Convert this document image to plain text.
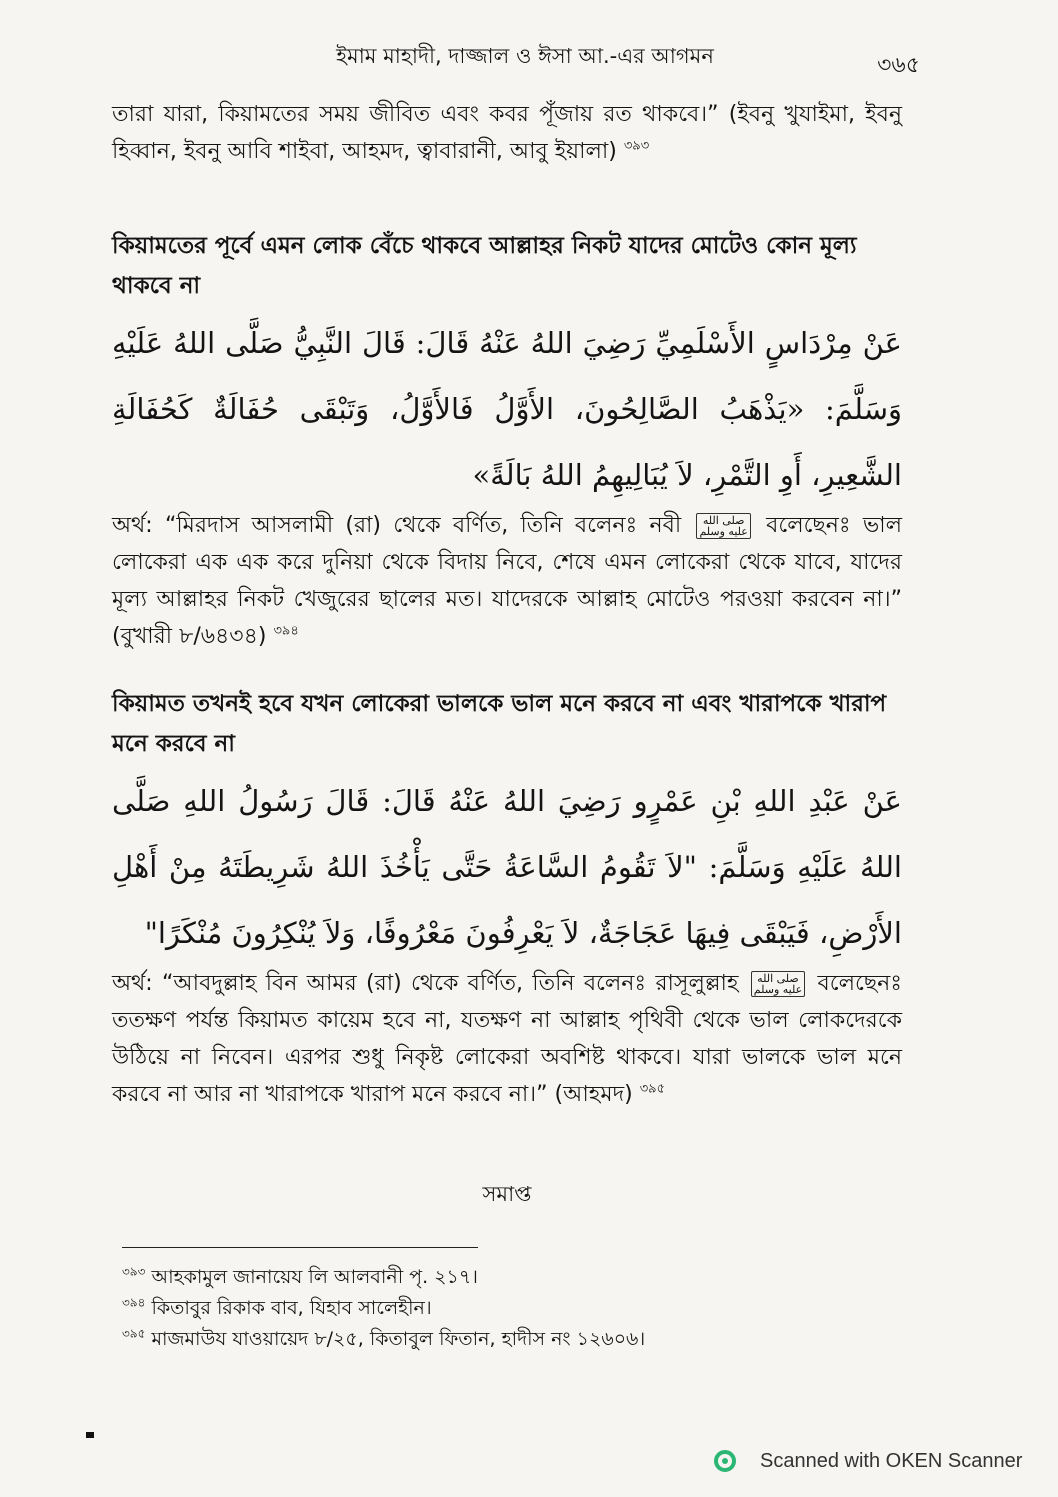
ইমাম মাহাদী, দাজ্জাল ও ঈসা আ.-এর আগমন	৩৬৫

তারা যারা, কিয়ামতের সময় জীবিত এবং কবর পূঁজায় রত থাকবে।” (ইবনু খুযাইমা, ইবনু হিব্বান, ইবনু আবি শাইবা, আহমদ, ত্বাবারানী, আবু ইয়ালা) $^{৩৯৩}$

কিয়ামতের পূর্বে এমন লোক বেঁচে থাকবে আল্লাহর নিকট যাদের মোটেও কোন মূল্য থাকবে না

عَنْ مِرْدَاسٍ الأَسْلَمِيِّ رَضِيَ اللهُ عَنْهُ قَالَ: قَالَ النَّبِيُّ صَلَّى اللهُ عَلَيْهِ وَسَلَّمَ: «يَذْهَبُ الصَّالِحُونَ، الأَوَّلُ فَالأَوَّلُ، وَتَبْقَى حُفَالَةٌ كَحُفَالَةِ الشَّعِيرِ، أَوِ التَّمْرِ، لاَ يُبَالِيهِمُ اللهُ بَالَةً»

অর্থ: “মিরদাস আসলামী (রা) থেকে বর্ণিত, তিনি বলেনঃ নবী صلى الله
عليه وسلم বলেছেনঃ ভাল লোকেরা এক এক করে দুনিয়া থেকে বিদায় নিবে, শেষে এমন লোকেরা থেকে যাবে, যাদের মূল্য আল্লাহর নিকট খেজুরের ছালের মত। যাদেরকে আল্লাহ মোটেও পরওয়া করবেন না।” (বুখারী ৮/৬৪৩৪) $^{৩৯৪}$

কিয়ামত তখনই হবে যখন লোকেরা ভালকে ভাল মনে করবে না এবং খারাপকে খারাপ মনে করবে না

عَنْ عَبْدِ اللهِ بْنِ عَمْرٍو رَضِيَ اللهُ عَنْهُ قَالَ: قَالَ رَسُولُ اللهِ صَلَّى اللهُ عَلَيْهِ وَسَلَّمَ: "لاَ تَقُومُ السَّاعَةُ حَتَّى يَأْخُذَ اللهُ شَرِيطَتَهُ مِنْ أَهْلِ الأَرْضِ، فَيَبْقَى فِيهَا عَجَاجَةٌ، لاَ يَعْرِفُونَ مَعْرُوفًا، وَلاَ يُنْكِرُونَ مُنْكَرًا"

অর্থ: “আবদুল্লাহ বিন আমর (রা) থেকে বর্ণিত, তিনি বলেনঃ রাসূলুল্লাহ صلى الله
عليه وسلم বলেছেনঃ ততক্ষণ পর্যন্ত কিয়ামত কায়েম হবে না, যতক্ষণ না আল্লাহ পৃথিবী থেকে ভাল লোকদেরকে উঠিয়ে না নিবেন। এরপর শুধু নিকৃষ্ট লোকেরা অবশিষ্ট থাকবে। যারা ভালকে ভাল মনে করবে না আর না খারাপকে খারাপ মনে করবে না।” (আহমদ) $^{৩৯৫}$

সমাপ্ত

$^{৩৯৩}$ আহকামুল জানায়েয লি আলবানী পৃ. ২১৭।

$^{৩৯৪}$ কিতাবুর রিকাক বাব, যিহাব সালেহীন।

$^{৩৯৫}$ মাজমাউয যাওয়ায়েদ ৮/২৫, কিতাবুল ফিতান, হাদীস নং ১২৬০৬।

Scanned with OKEN Scanner
